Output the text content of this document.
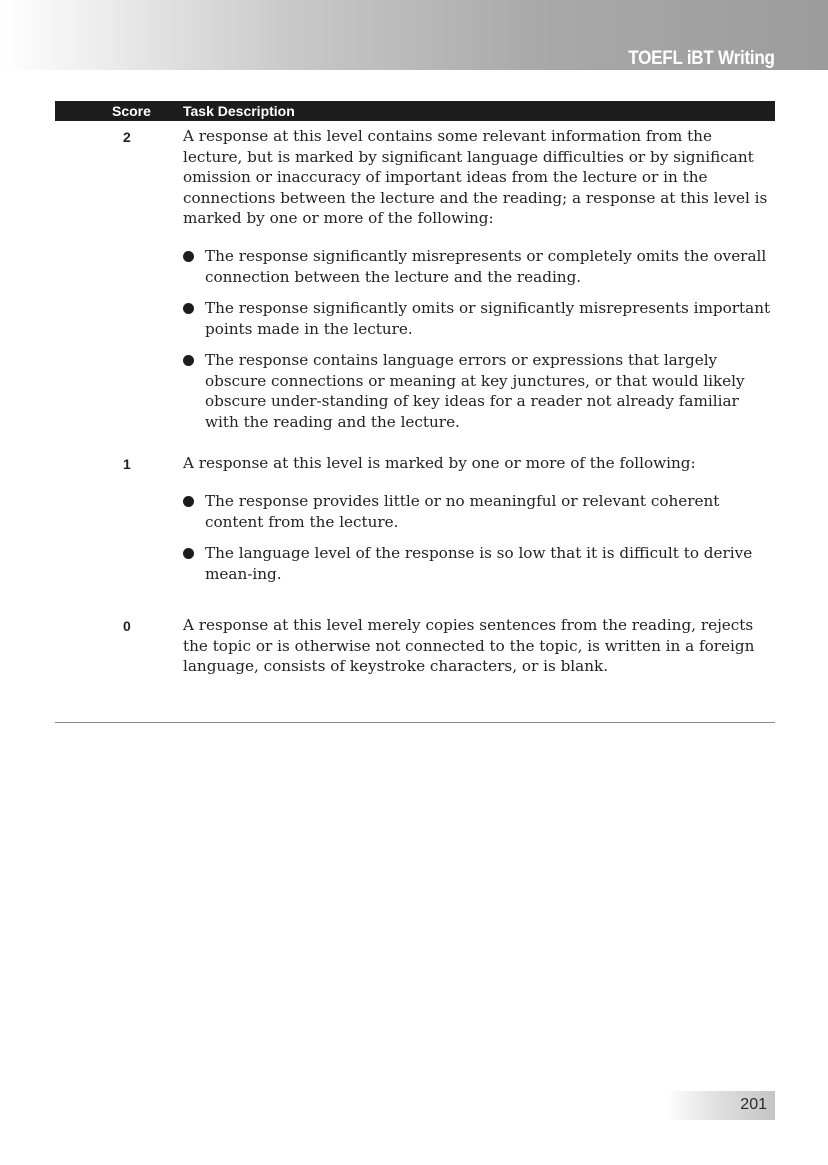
TOEFL iBT Writing
Score Task Description
2	A response at this level contains some relevant information from the lecture, but is marked by significant language difficulties or by significant omission or inaccuracy of important ideas from the lecture or in the connections between the lecture and the reading; a response at this level is marked by one or more of the following:

The response significantly misrepresents or completely omits the overall connection between the lecture and the reading.

The response significantly omits or significantly misrepresents important points made in the lecture.

The response contains language errors or expressions that largely obscure connections or meaning at key junctures, or that would likely obscure under-standing of key ideas for a reader not already familiar with the reading and the lecture.

1	A response at this level is marked by one or more of the following:

The response provides little or no meaningful or relevant coherent content from the lecture.

The language level of the response is so low that it is difficult to derive mean-ing.

0	A response at this level merely copies sentences from the reading, rejects the topic or is otherwise not connected to the topic, is written in a foreign language, consists of keystroke characters, or is blank.

201
